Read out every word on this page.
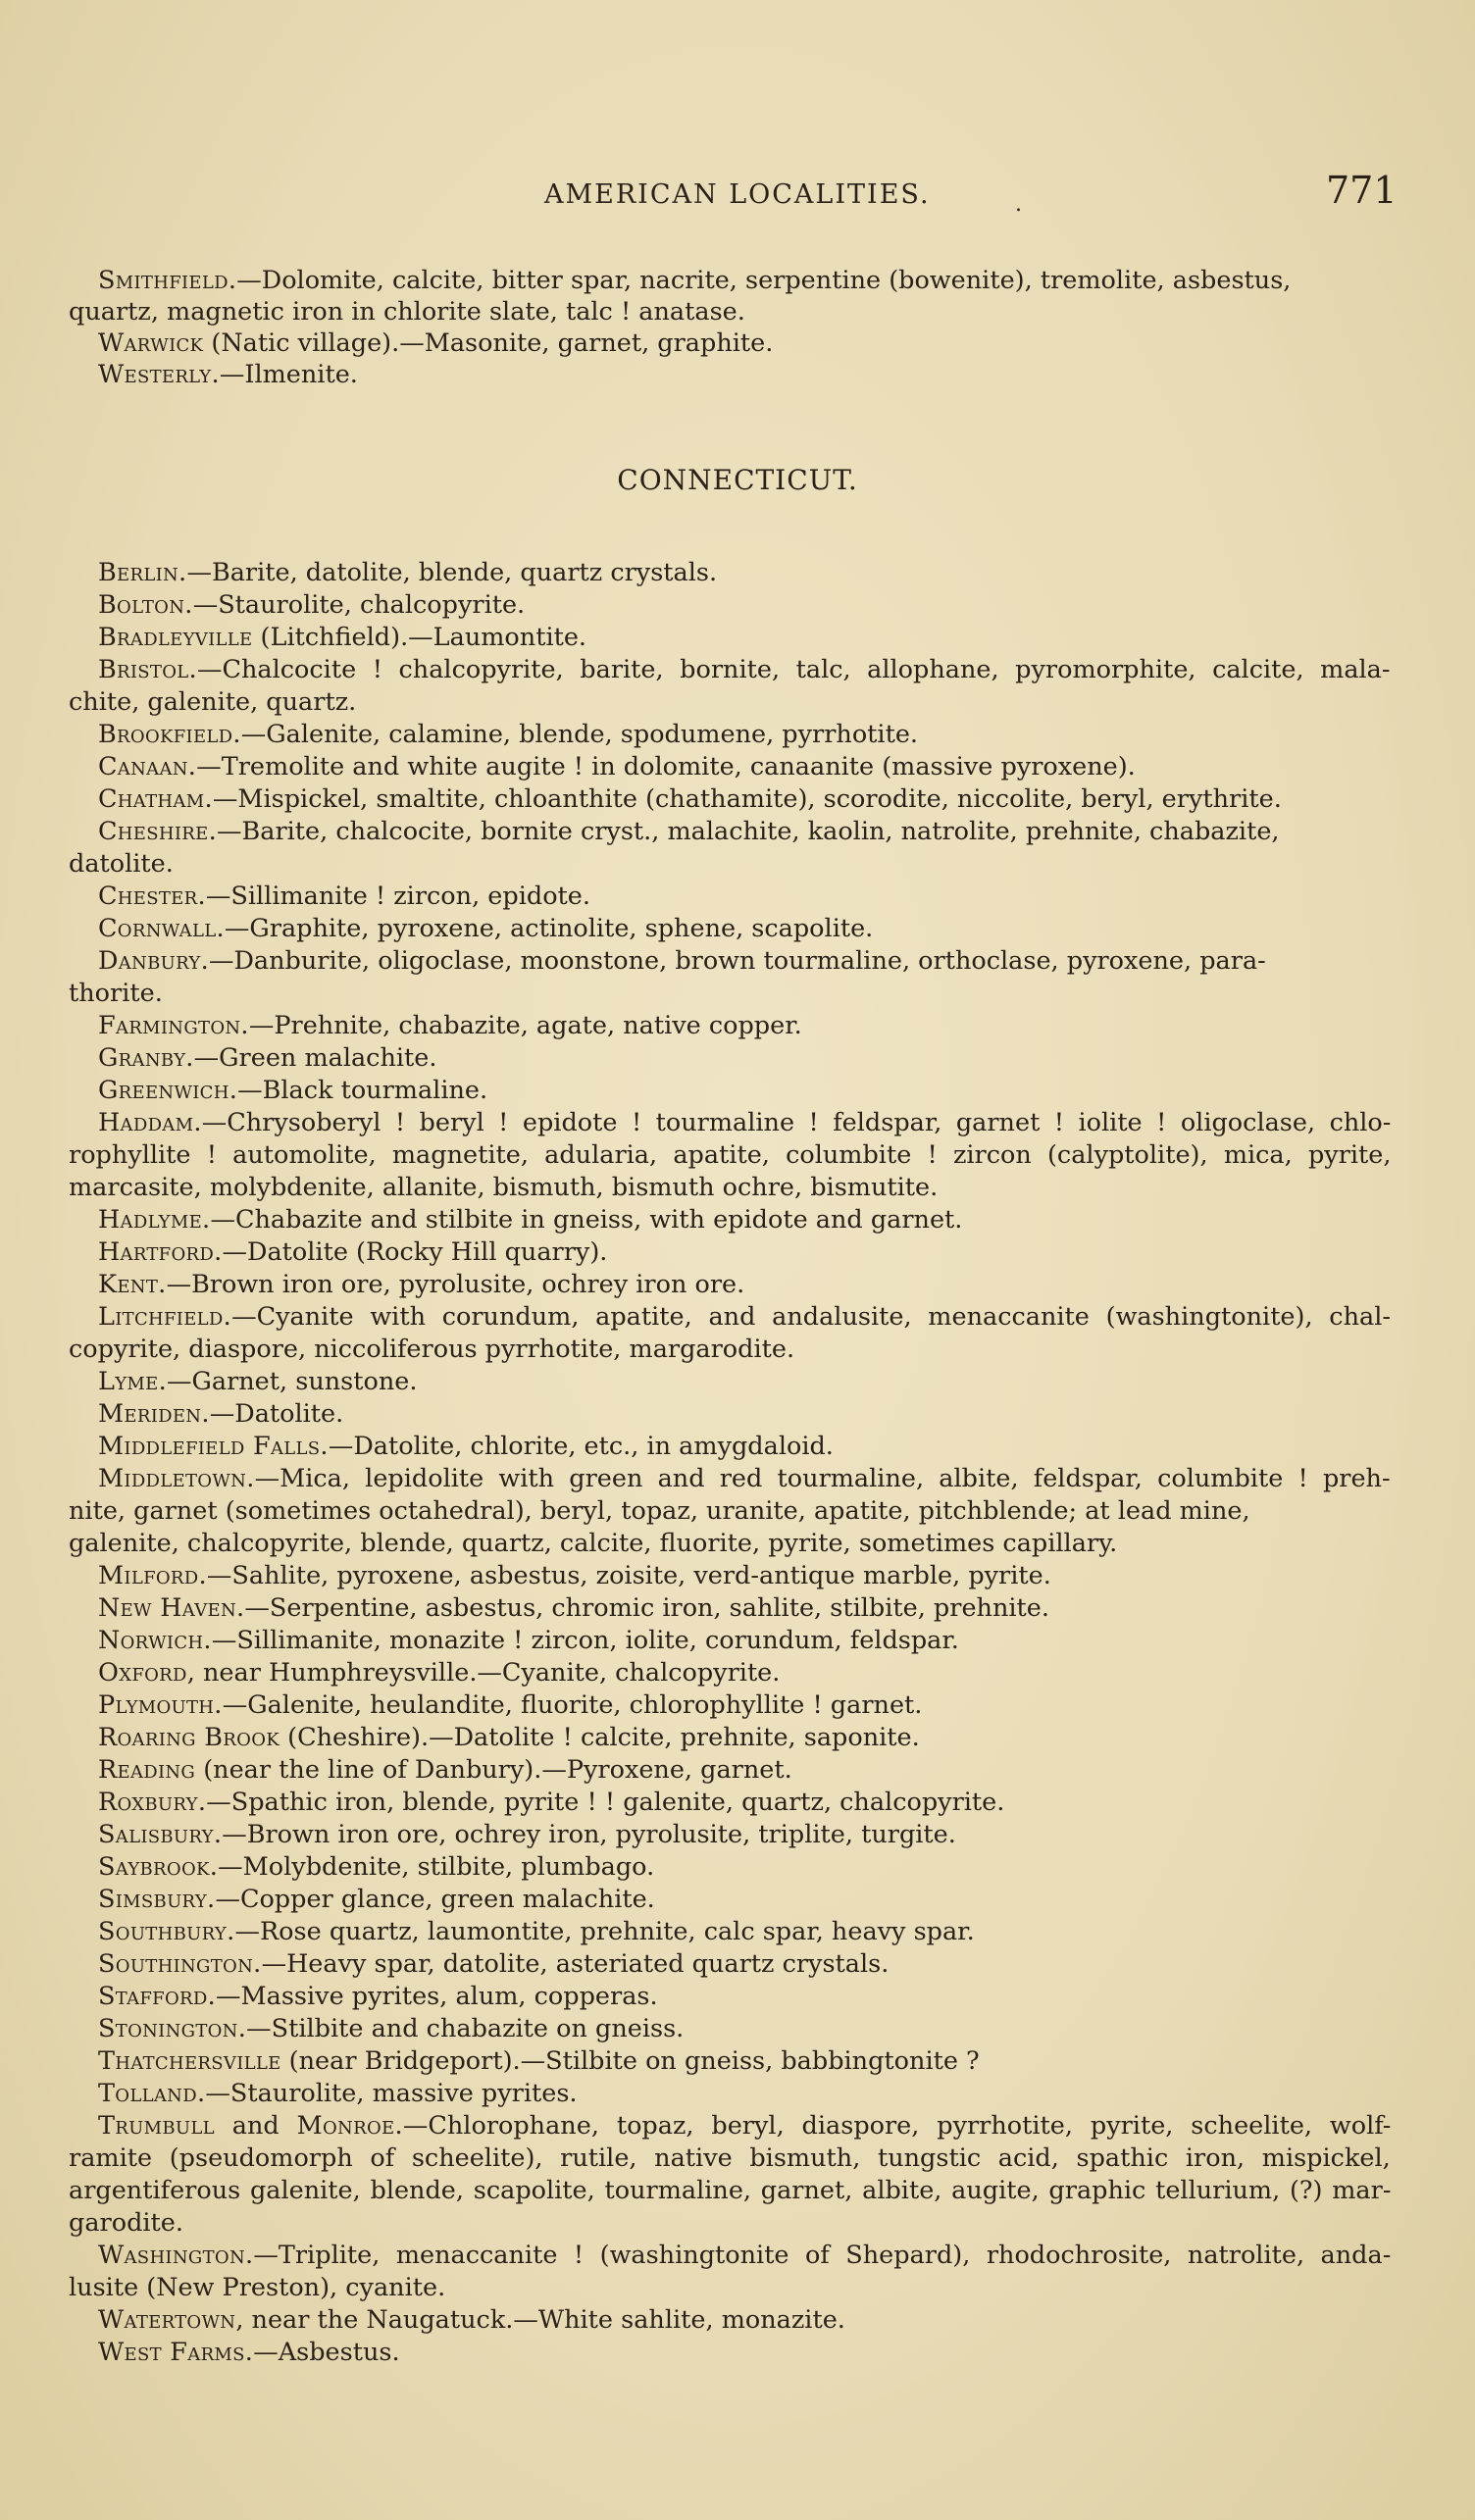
AMERICAN LOCALITIES.	.	771
CONNECTICUT.
Smithfield.—Dolomite, calcite, bitter spar, nacrite, serpentine (bowenite), tremolite, asbestus,
quartz, magnetic iron in chlorite slate, talc ! anatase.
Warwick (Natic village).—Masonite, garnet, graphite.
Westerly.—Ilmenite.
Berlin.—Barite, datolite, blende, quartz crystals.
Bolton.—Staurolite, chalcopyrite.
Bradleyville (Litchfield).—Laumontite.
Bristol.—Chalcocite ! chalcopyrite, barite, bornite, talc, allophane, pyromorphite, calcite, mala-
chite, galenite, quartz.
Brookfield.—Galenite, calamine, blende, spodumene, pyrrhotite.
Canaan.—Tremolite and white augite ! in dolomite, canaanite (massive pyroxene).
Chatham.—Mispickel, smaltite, chloanthite (chathamite), scorodite, niccolite, beryl, erythrite.
Cheshire.—Barite, chalcocite, bornite cryst., malachite, kaolin, natrolite, prehnite, chabazite,
datolite.
Chester.—Sillimanite ! zircon, epidote.
Cornwall.—Graphite, pyroxene, actinolite, sphene, scapolite.
Danbury.—Danburite, oligoclase, moonstone, brown tourmaline, orthoclase, pyroxene, para-
thorite.
Farmington.—Prehnite, chabazite, agate, native copper.
Granby.—Green malachite.
Greenwich.—Black tourmaline.
Haddam.—Chrysoberyl ! beryl ! epidote ! tourmaline ! feldspar, garnet ! iolite ! oligoclase, chlo-
rophyllite ! automolite, magnetite, adularia, apatite, columbite ! zircon (calyptolite), mica, pyrite,
marcasite, molybdenite, allanite, bismuth, bismuth ochre, bismutite.
Hadlyme.—Chabazite and stilbite in gneiss, with epidote and garnet.
Hartford.—Datolite (Rocky Hill quarry).
Kent.—Brown iron ore, pyrolusite, ochrey iron ore.
Litchfield.—Cyanite with corundum, apatite, and andalusite, menaccanite (washingtonite), chal-
copyrite, diaspore, niccoliferous pyrrhotite, margarodite.
Lyme.—Garnet, sunstone.
Meriden.—Datolite.
Middlefield Falls.—Datolite, chlorite, etc., in amygdaloid.
Middletown.—Mica, lepidolite with green and red tourmaline, albite, feldspar, columbite ! preh-
nite, garnet (sometimes octahedral), beryl, topaz, uranite, apatite, pitchblende; at lead mine,
galenite, chalcopyrite, blende, quartz, calcite, fluorite, pyrite, sometimes capillary.
Milford.—Sahlite, pyroxene, asbestus, zoisite, verd-antique marble, pyrite.
New Haven.—Serpentine, asbestus, chromic iron, sahlite, stilbite, prehnite.
Norwich.—Sillimanite, monazite ! zircon, iolite, corundum, feldspar.
Oxford, near Humphreysville.—Cyanite, chalcopyrite.
Plymouth.—Galenite, heulandite, fluorite, chlorophyllite ! garnet.
Roaring Brook (Cheshire).—Datolite ! calcite, prehnite, saponite.
Reading (near the line of Danbury).—Pyroxene, garnet.
Roxbury.—Spathic iron, blende, pyrite ! ! galenite, quartz, chalcopyrite.
Salisbury.—Brown iron ore, ochrey iron, pyrolusite, triplite, turgite.
Saybrook.—Molybdenite, stilbite, plumbago.
Simsbury.—Copper glance, green malachite.
Southbury.—Rose quartz, laumontite, prehnite, calc spar, heavy spar.
Southington.—Heavy spar, datolite, asteriated quartz crystals.
Stafford.—Massive pyrites, alum, copperas.
Stonington.—Stilbite and chabazite on gneiss.
Thatchersville (near Bridgeport).—Stilbite on gneiss, babbingtonite ?
Tolland.—Staurolite, massive pyrites.
Trumbull and Monroe.—Chlorophane, topaz, beryl, diaspore, pyrrhotite, pyrite, scheelite, wolf-
ramite (pseudomorph of scheelite), rutile, native bismuth, tungstic acid, spathic iron, mispickel,
argentiferous galenite, blende, scapolite, tourmaline, garnet, albite, augite, graphic tellurium, (?) mar-
garodite.
Washington.—Triplite, menaccanite ! (washingtonite of Shepard), rhodochrosite, natrolite, anda-
lusite (New Preston), cyanite.
Watertown, near the Naugatuck.—White sahlite, monazite.
West Farms.—Asbestus.
